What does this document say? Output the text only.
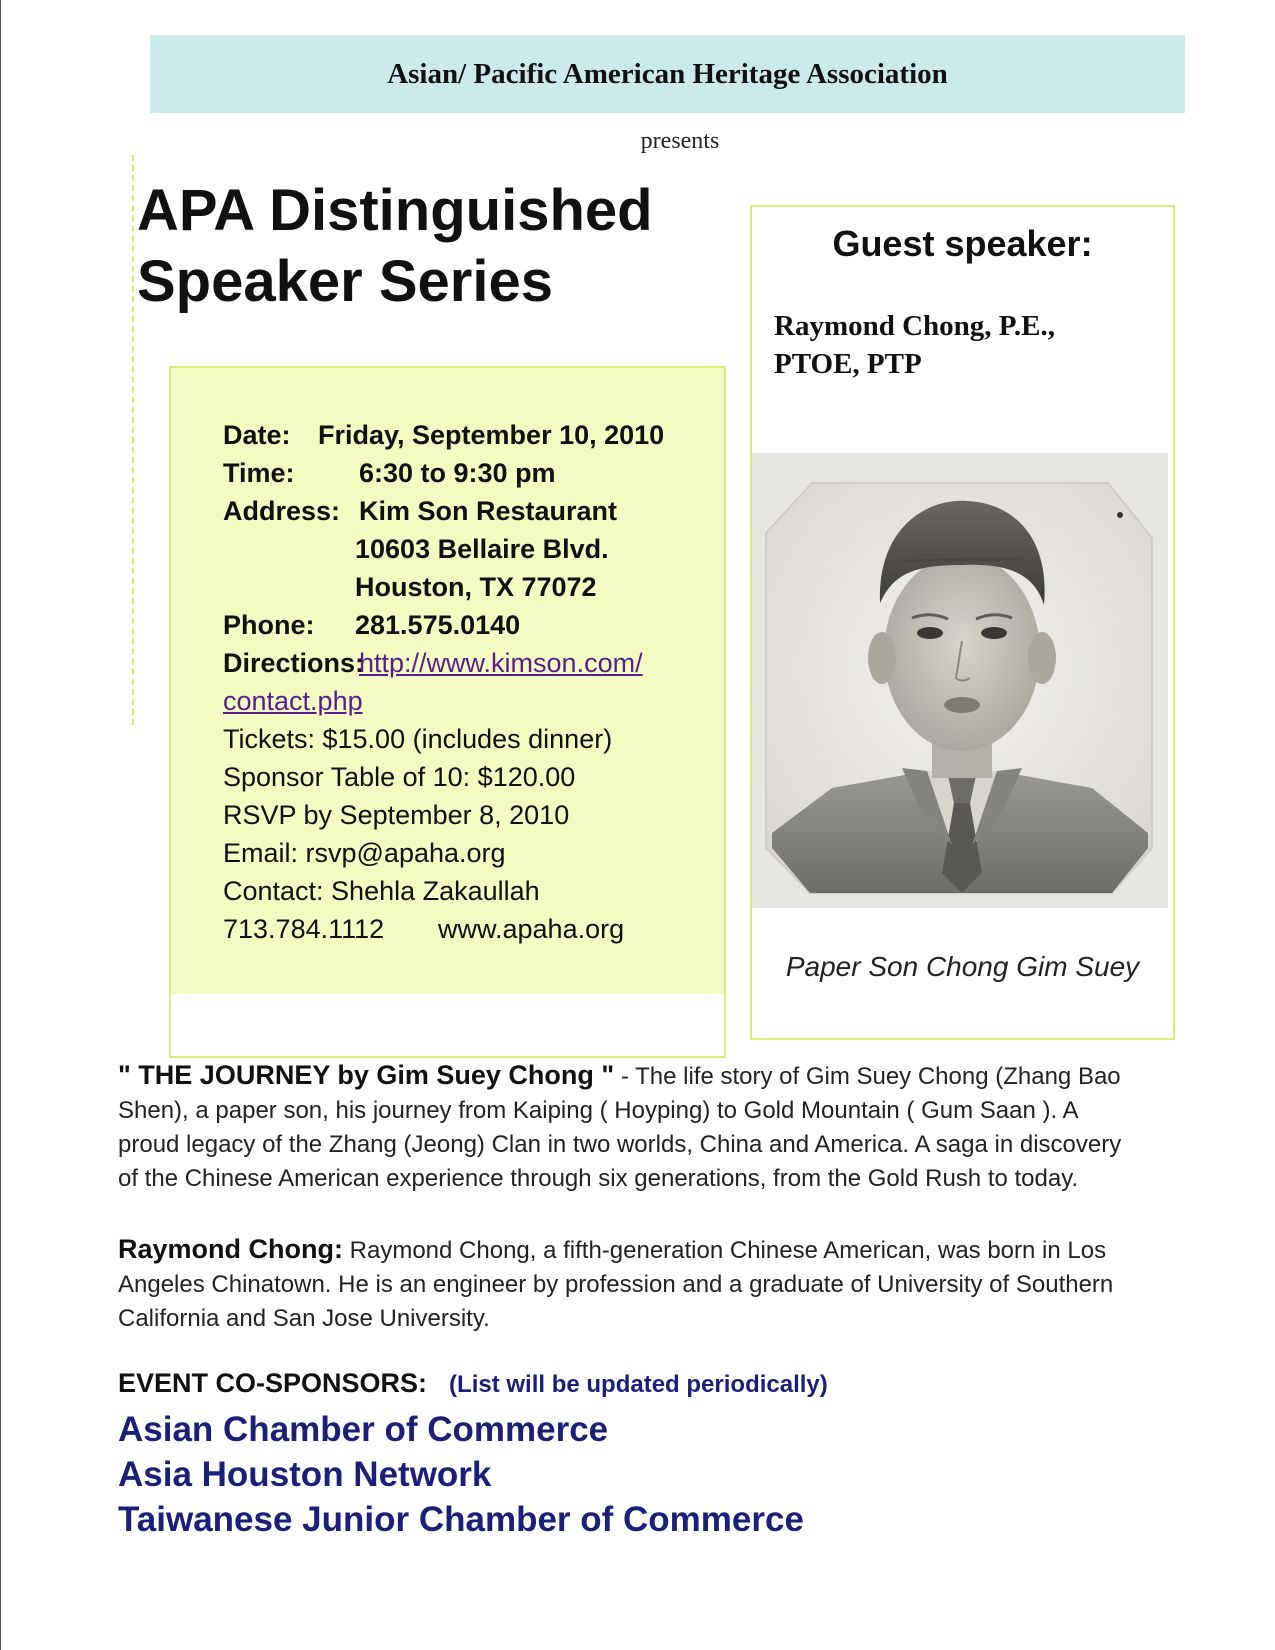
Asian/ Pacific American Heritage Association
presents
APA Distinguished
Speaker Series
Date: Friday, September 10, 2010
Time: 6:30 to 9:30 pm
Address: Kim Son Restaurant
10603 Bellaire Blvd.
Houston, TX 77072
Phone: 281.575.0140
Directions:
http://www.kimson.com/
contact.php
Tickets: $15.00 (includes dinner)
Sponsor Table of 10: $120.00
RSVP by September 8, 2010
Email: rsvp@apaha.org
Contact: Shehla Zakaullah
713.784.1112 www.apaha.org
Guest speaker:
Raymond Chong, P.E.,
PTOE, PTP
Paper Son Chong Gim Suey
" THE JOURNEY by Gim Suey Chong " - The life story of Gim Suey Chong (Zhang Bao Shen), a paper son, his journey from Kaiping ( Hoyping) to Gold Mountain ( Gum Saan ). A proud legacy of the Zhang (Jeong) Clan in two worlds, China and America. A saga in discovery of the Chinese American experience through six generations, from the Gold Rush to today.
Raymond Chong: Raymond Chong, a fifth-generation Chinese American, was born in Los Angeles Chinatown. He is an engineer by profession and a graduate of University of Southern California and San Jose University.
EVENT CO-SPONSORS: (List will be updated periodically)
Asian Chamber of Commerce
Asia Houston Network
Taiwanese Junior Chamber of Commerce
